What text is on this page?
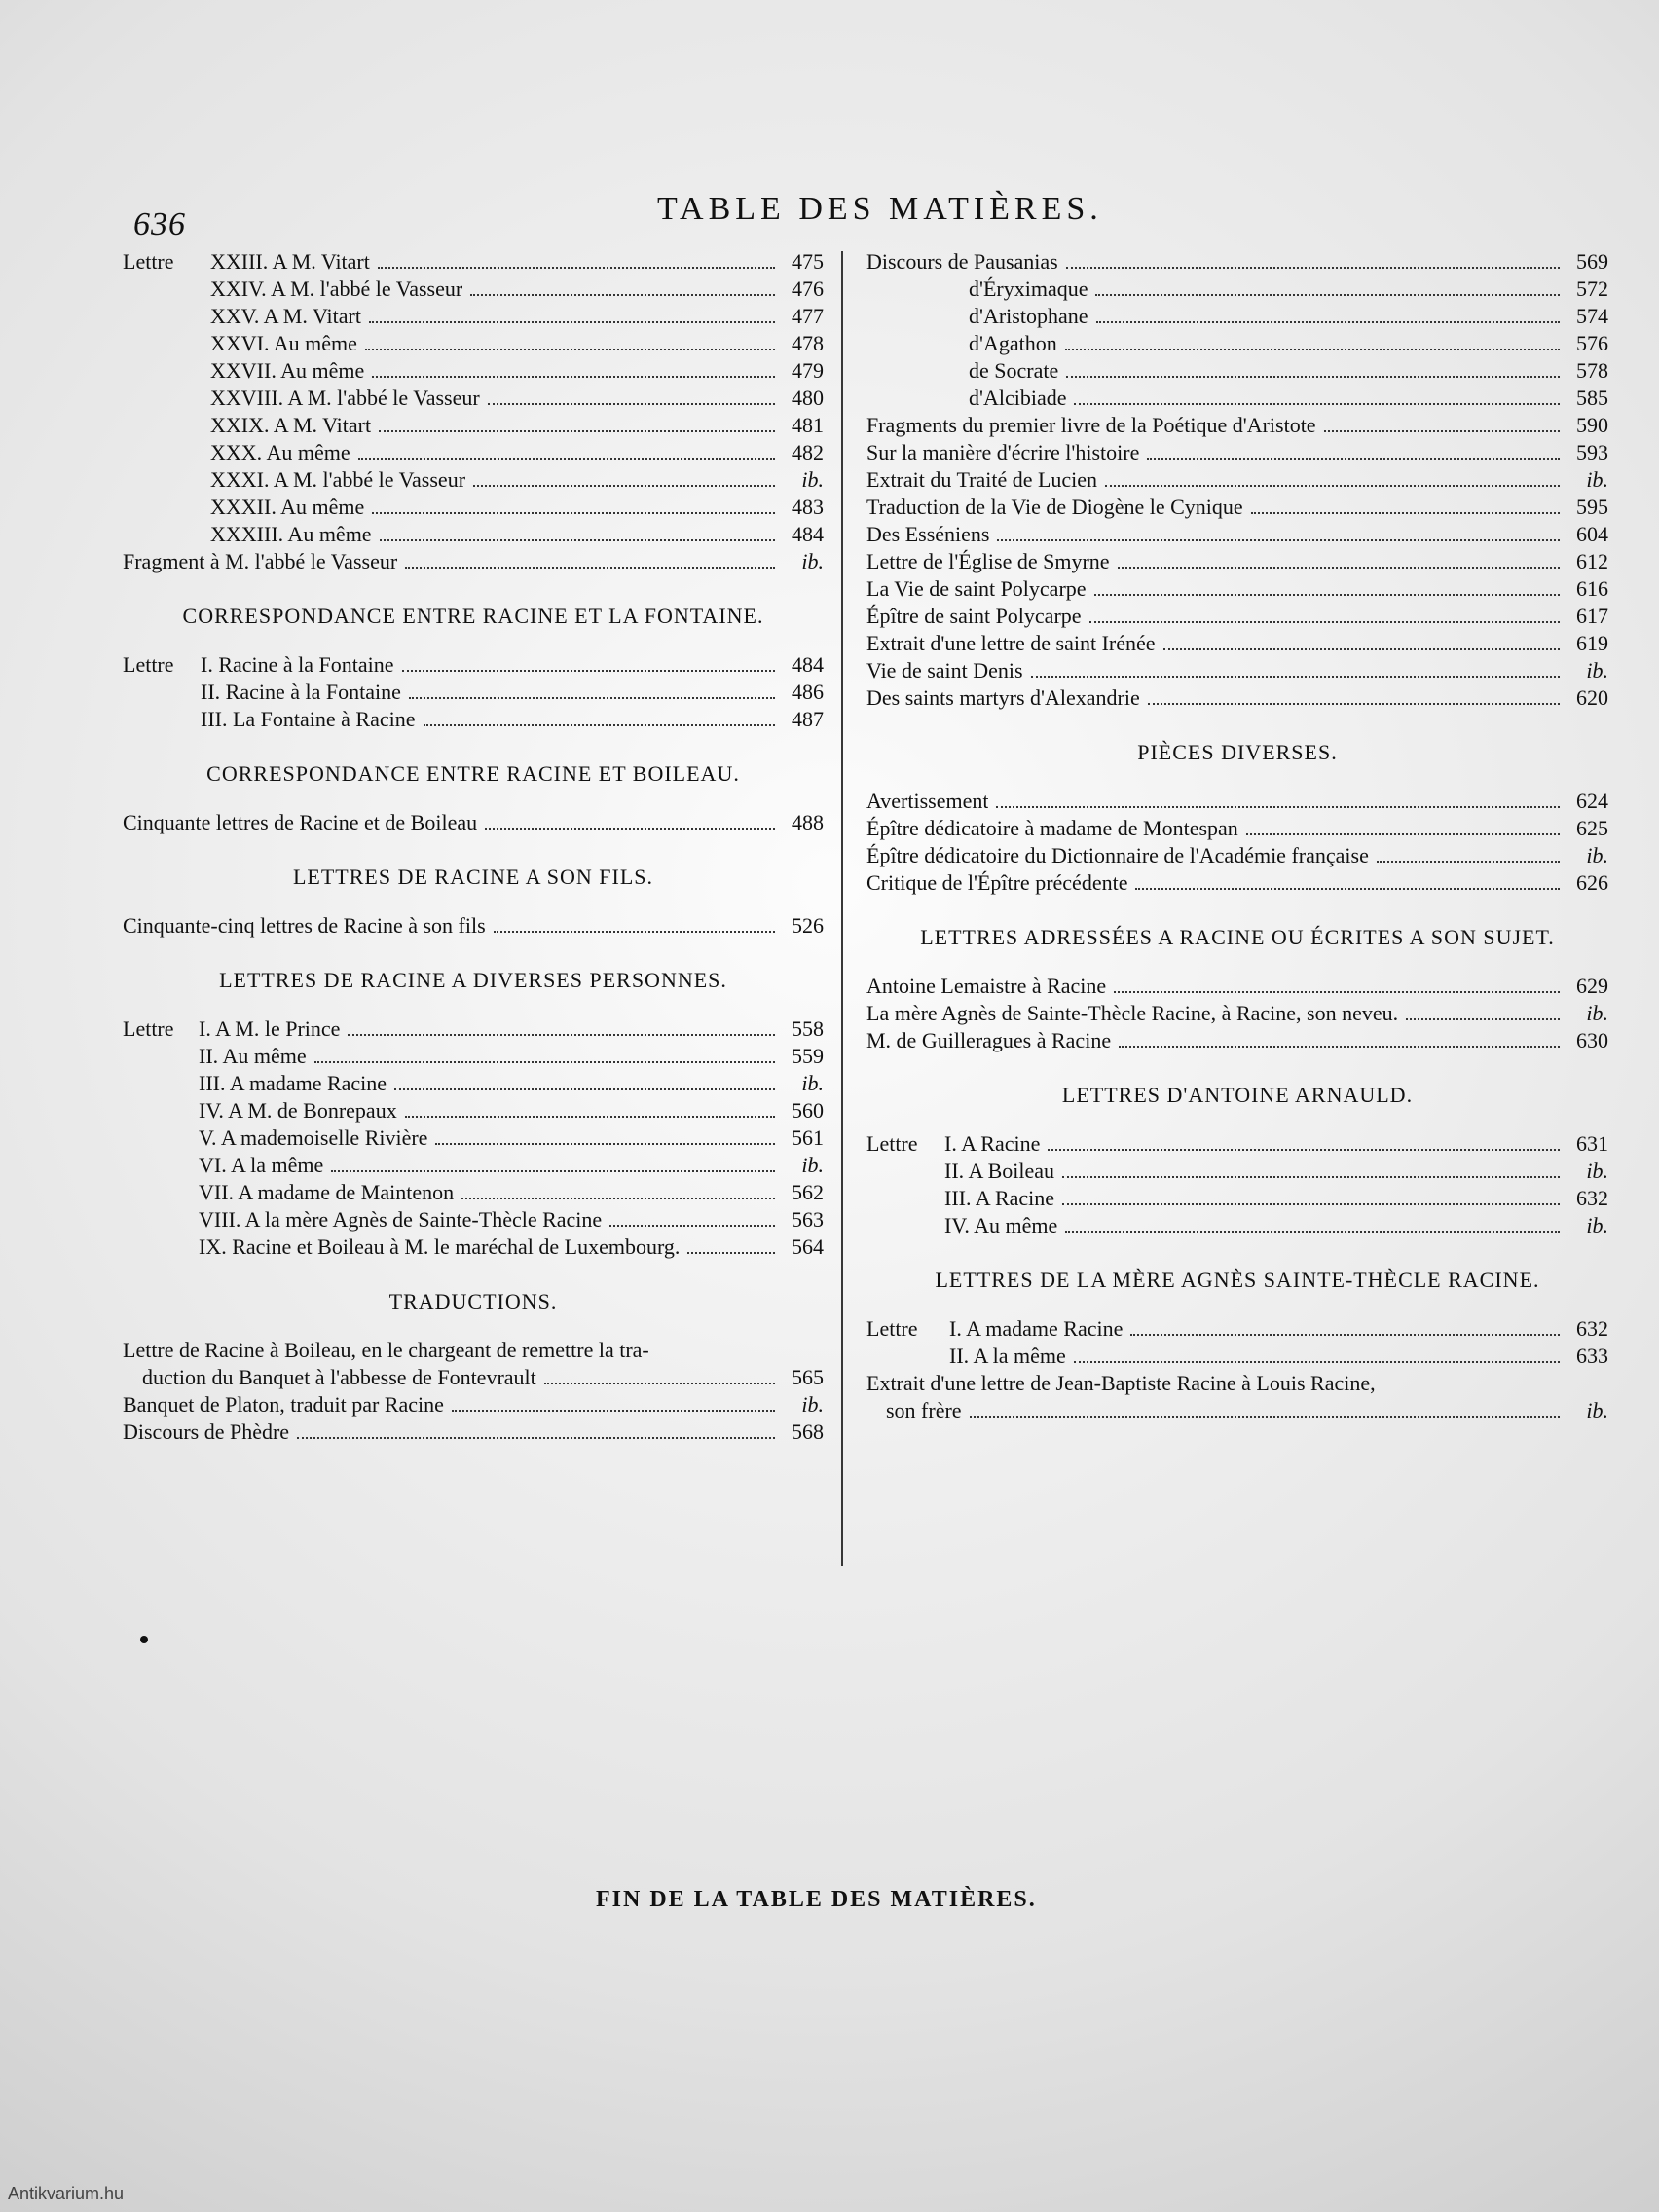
636	TABLE DES MATIÈRES.
Lettre	XXIII. A M. Vitart	475
XXIV. A M. l'abbé le Vasseur	476
XXV. A M. Vitart	477
XXVI. Au même	478
XXVII. Au même	479
XXVIII. A M. l'abbé le Vasseur	480
XXIX. A M. Vitart	481
XXX. Au même	482
XXXI. A M. l'abbé le Vasseur	ib.
XXXII. Au même	483
XXXIII. Au même	484
Fragment à M. l'abbé le Vasseur	ib.
CORRESPONDANCE ENTRE RACINE ET LA FONTAINE.
Lettre	I. Racine à la Fontaine	484
II. Racine à la Fontaine	486
III. La Fontaine à Racine	487
CORRESPONDANCE ENTRE RACINE ET BOILEAU.
Cinquante lettres de Racine et de Boileau	488
LETTRES DE RACINE A SON FILS.
Cinquante-cinq lettres de Racine à son fils	526
LETTRES DE RACINE A DIVERSES PERSONNES.
Lettre	I. A M. le Prince	558
II. Au même	559
III. A madame Racine	ib.
IV. A M. de Bonrepaux	560
V. A mademoiselle Rivière	561
VI. A la même	ib.
VII. A madame de Maintenon	562
VIII. A la mère Agnès de Sainte-Thècle Racine	563
IX. Racine et Boileau à M. le maréchal de Luxembourg.	564
TRADUCTIONS.
Lettre de Racine à Boileau, en le chargeant de remettre la tra-
duction du Banquet à l'abbesse de Fontevrault	565
Banquet de Platon, traduit par Racine	ib.
Discours de Phèdre	568
Discours de Pausanias	569
d'Éryximaque	572
d'Aristophane	574
d'Agathon	576
de Socrate	578
d'Alcibiade	585
Fragments du premier livre de la Poétique d'Aristote	590
Sur la manière d'écrire l'histoire	593
Extrait du Traité de Lucien	ib.
Traduction de la Vie de Diogène le Cynique	595
Des Esséniens	604
Lettre de l'Église de Smyrne	612
La Vie de saint Polycarpe	616
Épître de saint Polycarpe	617
Extrait d'une lettre de saint Irénée	619
Vie de saint Denis	ib.
Des saints martyrs d'Alexandrie	620
PIÈCES DIVERSES.
Avertissement	624
Épître dédicatoire à madame de Montespan	625
Épître dédicatoire du Dictionnaire de l'Académie française	ib.
Critique de l'Épître précédente	626
LETTRES ADRESSÉES A RACINE OU ÉCRITES A SON SUJET.
Antoine Lemaistre à Racine	629
La mère Agnès de Sainte-Thècle Racine, à Racine, son neveu.	ib.
M. de Guilleragues à Racine	630
LETTRES D'ANTOINE ARNAULD.
Lettre	I. A Racine	631
II. A Boileau	ib.
III. A Racine	632
IV. Au même	ib.
LETTRES DE LA MÈRE AGNÈS SAINTE-THÈCLE RACINE.
Lettre	I. A madame Racine	632
II. A la même	633
Extrait d'une lettre de Jean-Baptiste Racine à Louis Racine,
son frère	ib.
FIN DE LA TABLE DES MATIÈRES.
Antikvarium.hu
